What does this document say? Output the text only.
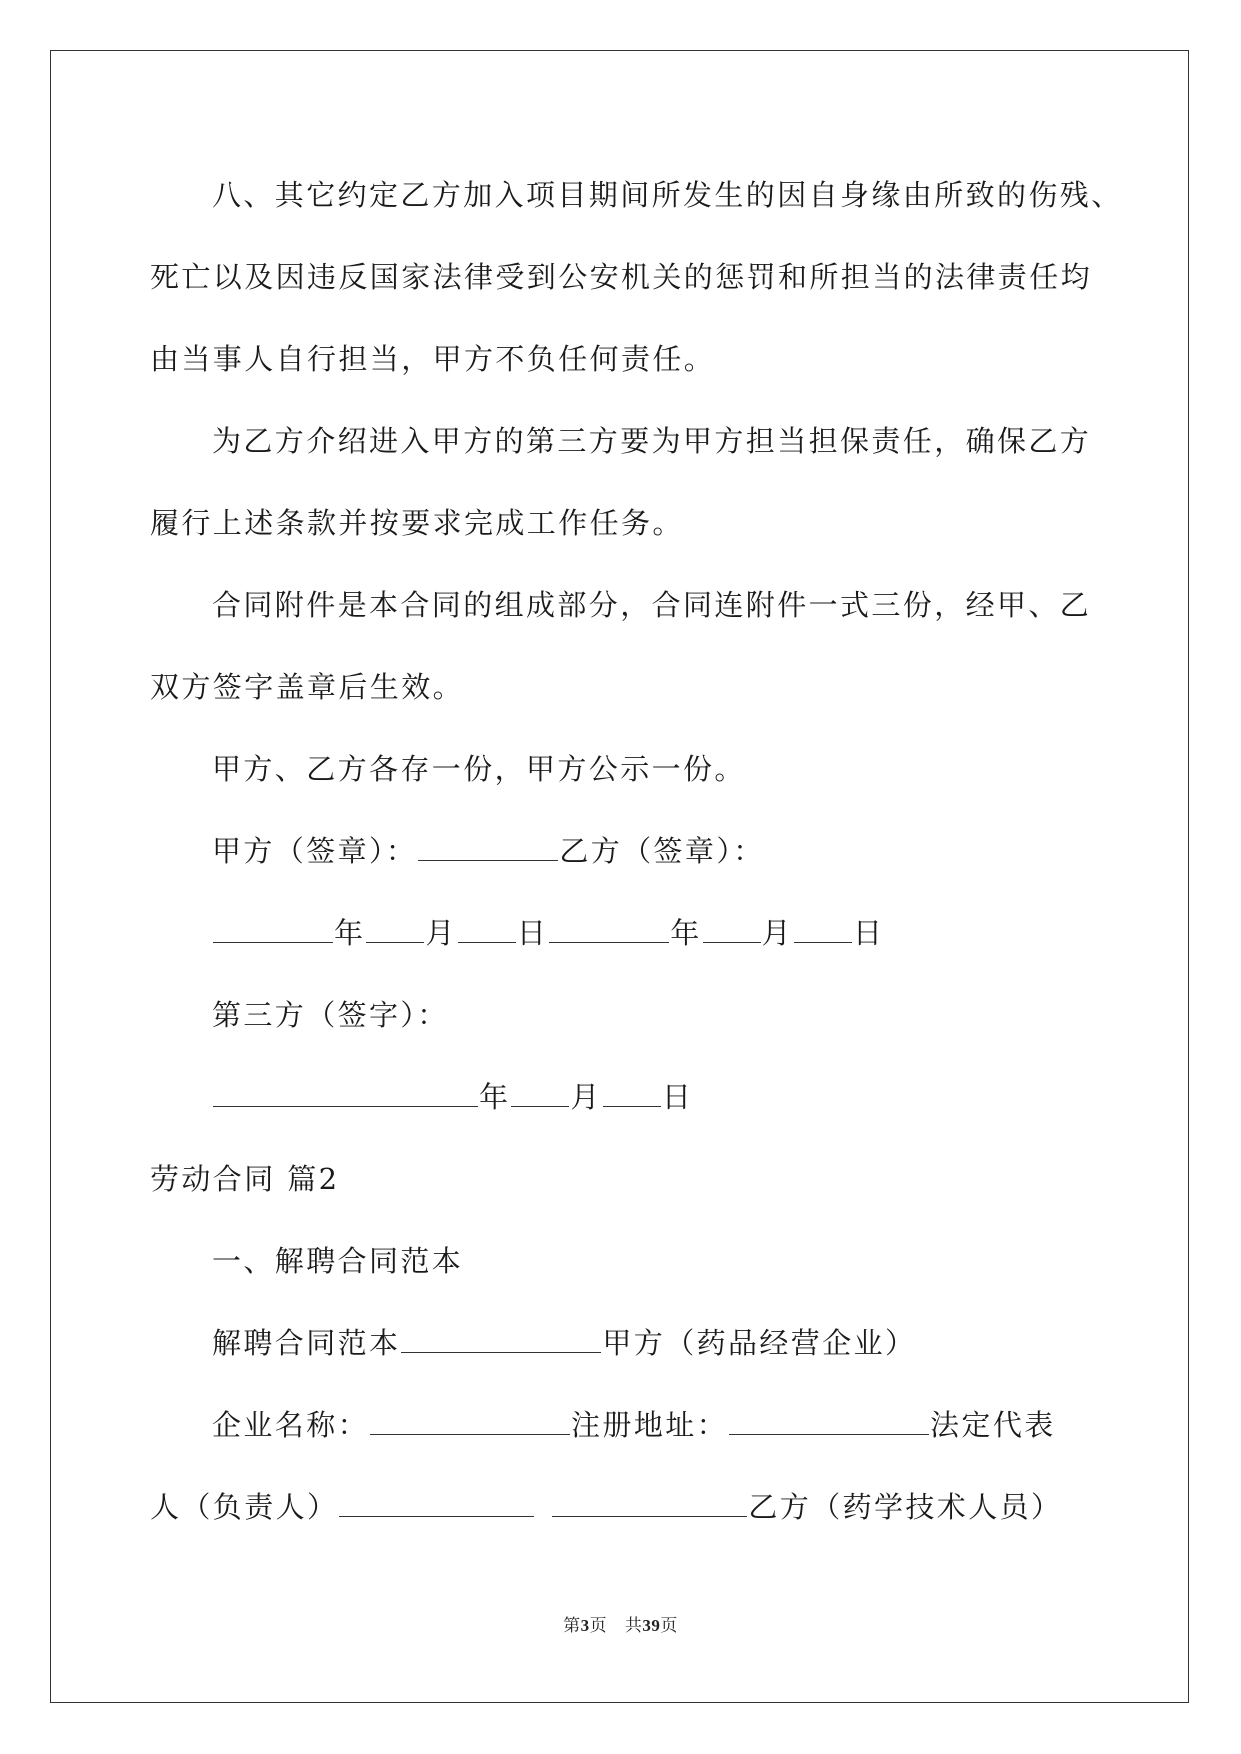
八、其它约定乙方加入项目期间所发生的因自身缘由所致的伤残、
死亡以及因违反国家法律受到公安机关的惩罚和所担当的法律责任均
由当事人自行担当，甲方不负任何责任。
为乙方介绍进入甲方的第三方要为甲方担当担保责任，确保乙方
履行上述条款并按要求完成工作任务。
合同附件是本合同的组成部分，合同连附件一式三份，经甲、乙
双方签字盖章后生效。
甲方、乙方各存一份，甲方公示一份。
甲方（签章）：	乙方（签章）：
年 月 日	年 月 日
第三方（签字）：
年 月 日
劳动合同 篇2
一、解聘合同范本
解聘合同范本	甲方（药品经营企业）
企业名称：	注册地址：	法定代表
人（负责人）	乙方（药学技术人员）
第3页 共39页
